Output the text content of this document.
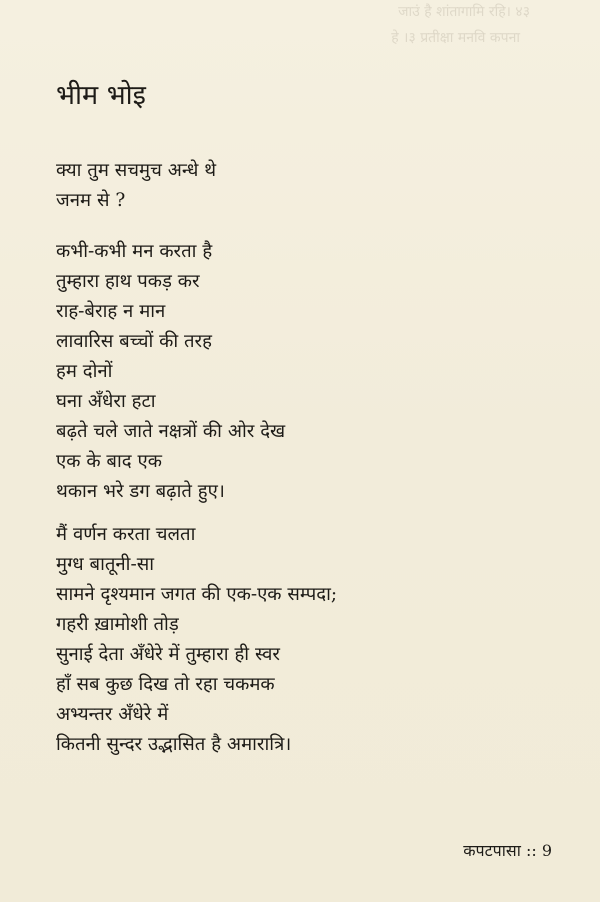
जाउं है शांतागामि रहि। ४३
हे ।३ प्रतीक्षा मनवि कपना
भीम भोइ
क्या तुम सचमुच अन्धे थे
जनम से ?
कभी-कभी मन करता है
तुम्हारा हाथ पकड़ कर
राह-बेराह न मान
लावारिस बच्चों की तरह
हम दोनों
घना अँधेरा हटा
बढ़ते चले जाते नक्षत्रों की ओर देख
एक के बाद एक
थकान भरे डग बढ़ाते हुए।
मैं वर्णन करता चलता
मुग्ध बातूनी-सा
सामने दृश्यमान जगत की एक-एक सम्पदा;
गहरी ख़ामोशी तोड़
सुनाई देता अँधेरे में तुम्हारा ही स्वर
हाँ सब कुछ दिख तो रहा चकमक
अभ्यन्तर अँधेरे में
कितनी सुन्दर उद्भासित है अमारात्रि।
कपटपासा :: 9
